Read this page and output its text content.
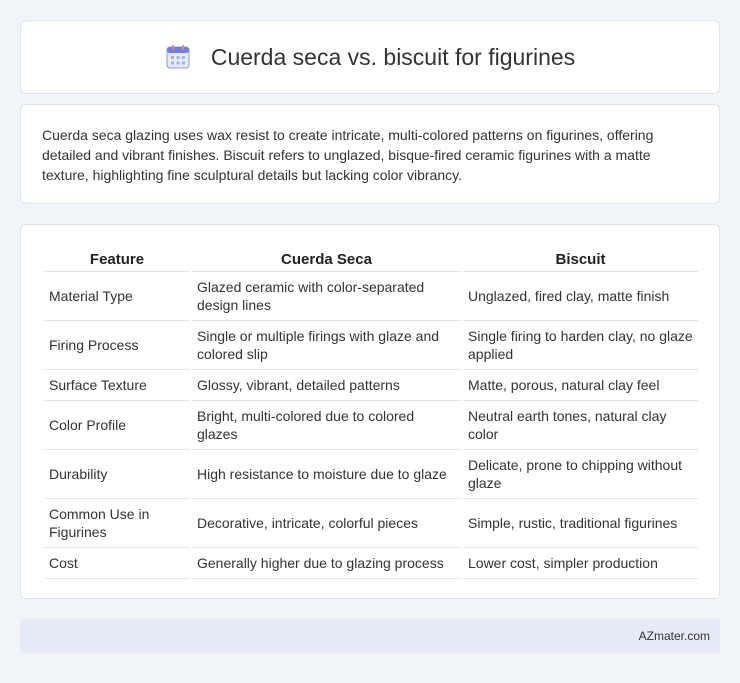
Cuerda seca vs. biscuit for figurines

Cuerda seca glazing uses wax resist to create intricate, multi-colored patterns on figurines, offering detailed and vibrant finishes. Biscuit refers to unglazed, bisque-fired ceramic figurines with a matte texture, highlighting fine sculptural details but lacking color vibrancy.

Feature	Cuerda Seca	Biscuit
Material Type	Glazed ceramic with color-separated design lines	Unglazed, fired clay, matte finish
Firing Process	Single or multiple firings with glaze and colored slip	Single firing to harden clay, no glaze applied
Surface Texture	Glossy, vibrant, detailed patterns	Matte, porous, natural clay feel
Color Profile	Bright, multi-colored due to colored glazes	Neutral earth tones, natural clay color
Durability	High resistance to moisture due to glaze	Delicate, prone to chipping without glaze
Common Use in Figurines	Decorative, intricate, colorful pieces	Simple, rustic, traditional figurines
Cost	Generally higher due to glazing process	Lower cost, simpler production
AZmater.com
